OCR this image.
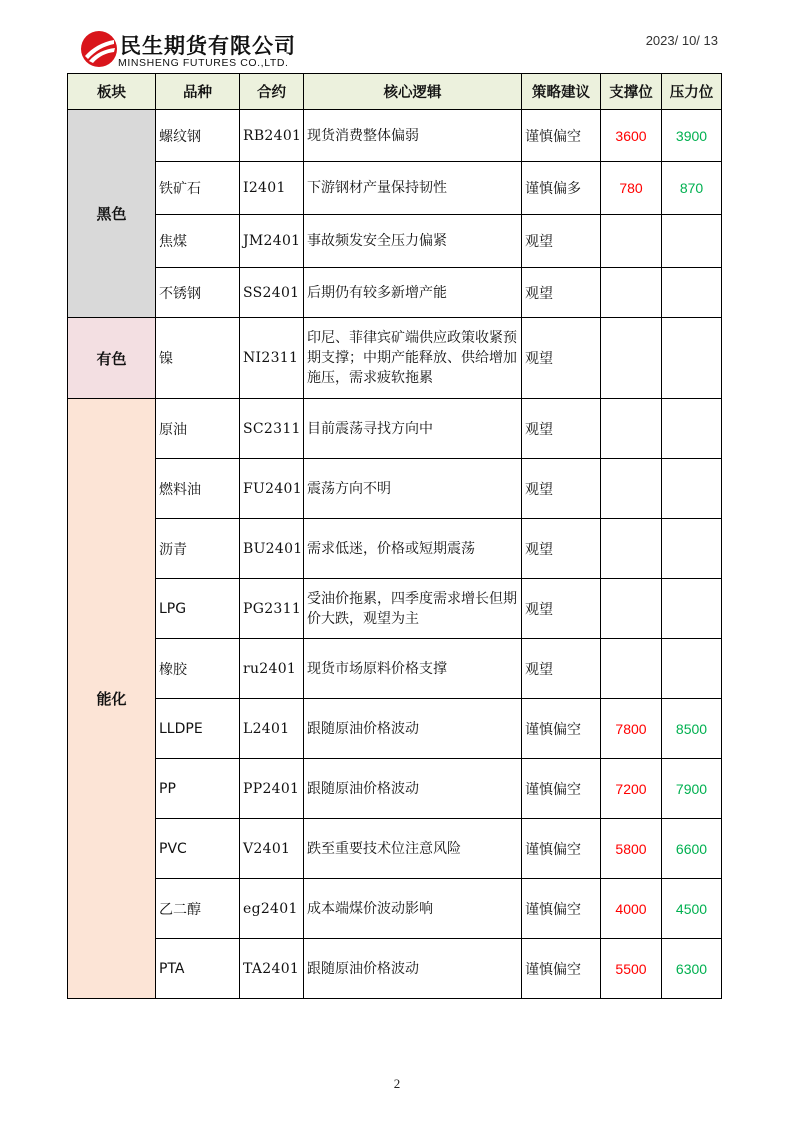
民生期货有限公司
MINSHENG FUTURES CO.,LTD.
2023/ 10/ 13
板块	品种	合约	核心逻辑	策略建议	支撑位	压力位
黑色	螺纹钢	RB2401	现货消费整体偏弱	谨慎偏空	3600	3900
	铁矿石	I2401	下游钢材产量保持韧性	谨慎偏多	780	870
	焦煤	JM2401	事故频发安全压力偏紧	观望		
	不锈钢	SS2401	后期仍有较多新增产能	观望		
有色	镍	NI2311	印尼、菲律宾矿端供应政策收紧预期支撑；中期产能释放、供给增加施压，需求疲软拖累	观望		
能化	原油	SC2311	目前震荡寻找方向中	观望		
	燃料油	FU2401	震荡方向不明	观望		
	沥青	BU2401	需求低迷，价格或短期震荡	观望		
	LPG	PG2311	受油价拖累，四季度需求增长但期价大跌，观望为主	观望		
	橡胶	ru2401	现货市场原料价格支撑	观望		
	LLDPE	L2401	跟随原油价格波动	谨慎偏空	7800	8500
	PP	PP2401	跟随原油价格波动	谨慎偏空	7200	7900
	PVC	V2401	跌至重要技术位注意风险	谨慎偏空	5800	6600
	乙二醇	eg2401	成本端煤价波动影响	谨慎偏空	4000	4500
	PTA	TA2401	跟随原油价格波动	谨慎偏空	5500	6300
2
